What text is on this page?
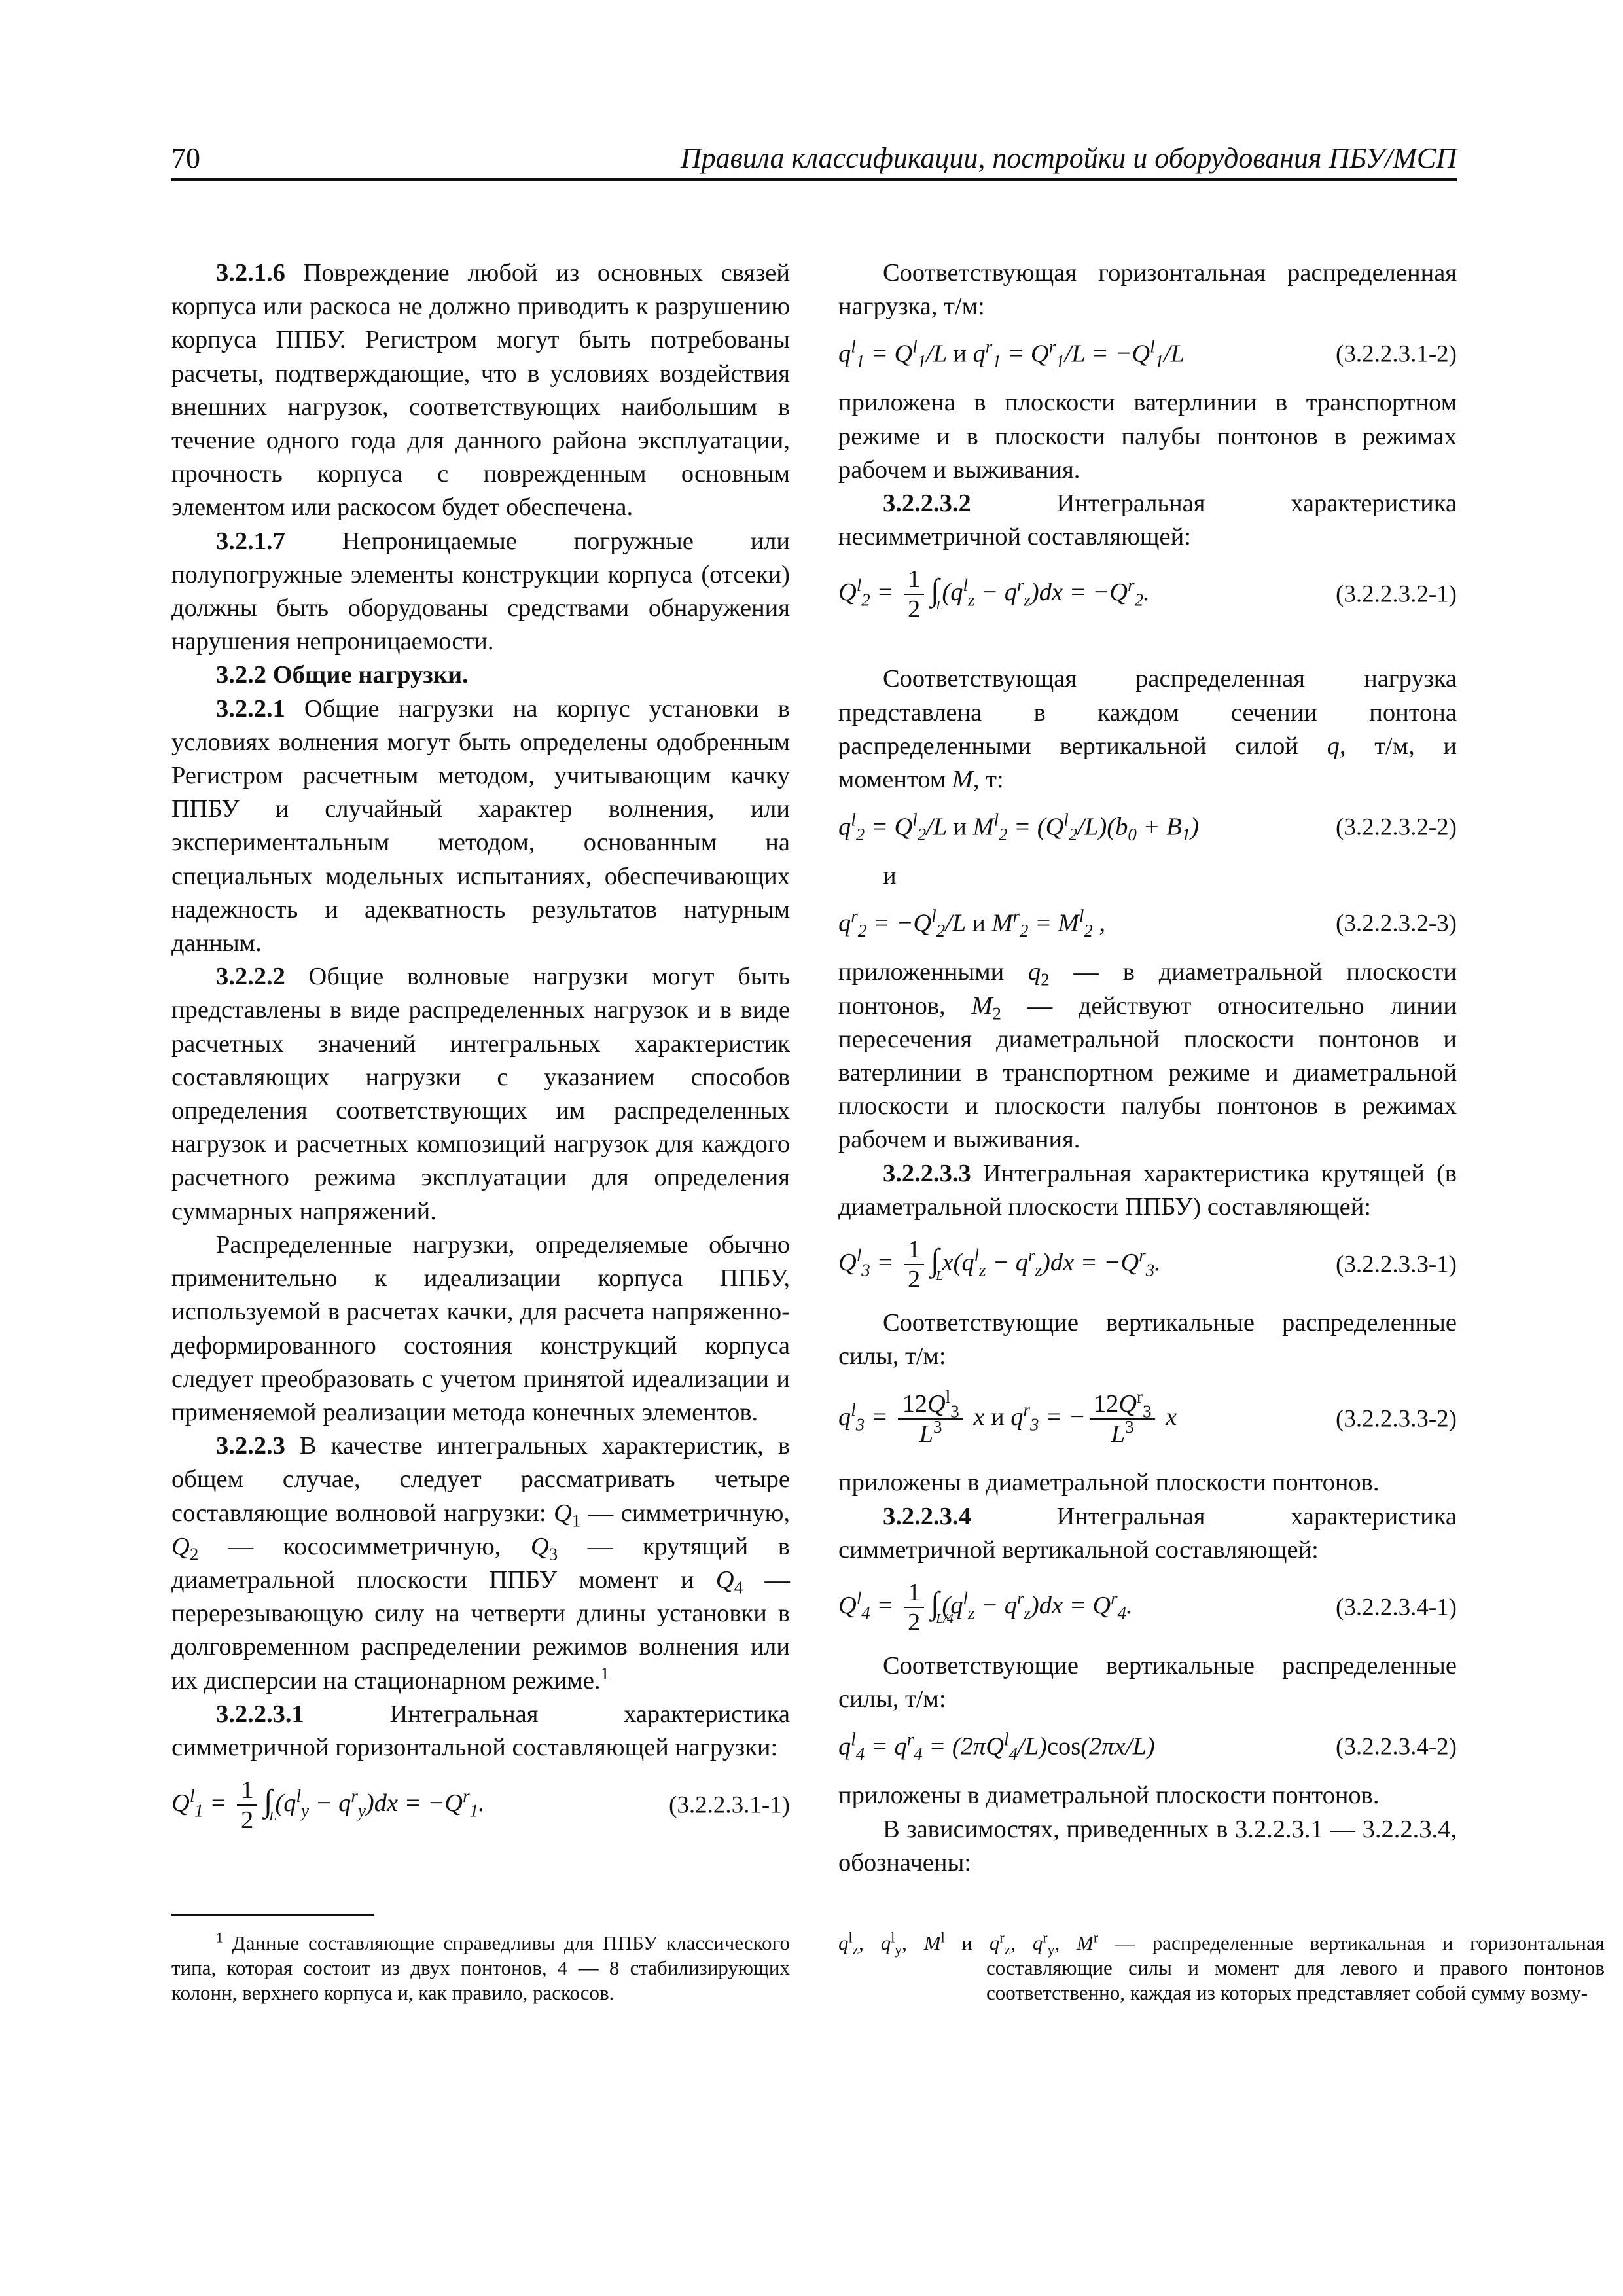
70	Правила классификации, постройки и оборудования ПБУ/МСП

3.2.1.6 Повреждение любой из основных связей корпуса или раскоса не должно приводить к разрушению корпуса ППБУ. Регистром могут быть потребованы расчеты, подтверждающие, что в условиях воздействия внешних нагрузок, соответствующих наибольшим в течение одного года для данного района эксплуатации, прочность корпуса с поврежденным основным элементом или раскосом будет обеспечена.

3.2.1.7 Непроницаемые погружные или полупогружные элементы конструкции корпуса (отсеки) должны быть оборудованы средствами обнаружения нарушения непроницаемости.

3.2.2 Общие нагрузки.

3.2.2.1 Общие нагрузки на корпус установки в условиях волнения могут быть определены одобренным Регистром расчетным методом, учитывающим качку ППБУ и случайный характер волнения, или экспериментальным методом, основанным на специальных модельных испытаниях, обеспечивающих надежность и адекватность результатов натурным данным.

3.2.2.2 Общие волновые нагрузки могут быть представлены в виде распределенных нагрузок и в виде расчетных значений интегральных характеристик составляющих нагрузки с указанием способов определения соответствующих им распределенных нагрузок и расчетных композиций нагрузок для каждого расчетного режима эксплуатации для определения суммарных напряжений.

Распределенные нагрузки, определяемые обычно применительно к идеализации корпуса ППБУ, используемой в расчетах качки, для расчета напряженно-деформированного состояния конструкций корпуса следует преобразовать с учетом принятой идеализации и применяемой реализации метода конечных элементов.

3.2.2.3 В качестве интегральных характеристик, в общем случае, следует рассматривать четыре составляющие волновой нагрузки: $Q_1$ — симметричную, $Q_2$ — кососимметричную, $Q_3$ — крутящий в диаметральной плоскости ППБУ момент и $Q_4$ — перерезывающую силу на четверти длины установки в долговременном распределении режимов волнения или их дисперсии на стационарном режиме.$^1$

3.2.2.3.1 Интегральная характеристика симметричной горизонтальной составляющей нагрузки:

$Q^l_1 = \frac{1}{2}$ ∫
L
$(q^l_y - q^r_y)dx = -Q^r_1$.	(3.2.2.3.1-1)
$^1$ Данные составляющие справедливы для ППБУ классического типа, которая состоит из двух понтонов, 4 — 8 стабилизирующих колонн, верхнего корпуса и, как правило, раскосов.

Соответствующая горизонтальная распределенная нагрузка, т/м:

$q^l_1 = Q^l_1/L$ и $q^r_1 = Q^r_1/L = -Q^l_1/L$	(3.2.2.3.1-2)

приложена в плоскости ватерлинии в транспортном режиме и в плоскости палубы понтонов в режимах рабочем и выживания.

3.2.2.3.2 Интегральная характеристика несимметричной составляющей:

$Q^l_2 = \frac{1}{2}$ ∫
L
$(q^l_z - q^r_z)dx = -Q^r_2$.	(3.2.2.3.2-1)

Соответствующая распределенная нагрузка представлена в каждом сечении понтона распределенными вертикальной силой q, т/м, и моментом M, т:

$q^l_2 = Q^l_2/L$ и $M^l_2 = (Q^l_2/L)(b_0 + B_1)$	(3.2.2.3.2-2)

и

$q^r_2 = -Q^l_2/L$ и $M^r_2 = M^l_2$ ,	(3.2.2.3.2-3)

приложенными $q_2$ — в диаметральной плоскости понтонов, $M_2$ — действуют относительно линии пересечения диаметральной плоскости понтонов и ватерлинии в транспортном режиме и диаметральной плоскости и плоскости палубы понтонов в режимах рабочем и выживания.

3.2.2.3.3 Интегральная характеристика крутящей (в диаметральной плоскости ППБУ) составляющей:

$Q^l_3 = \frac{1}{2}$ ∫
L
$x(q^l_z - q^r_z)dx = -Q^r_3$.	(3.2.2.3.3-1)

Соответствующие вертикальные распределенные силы, т/м:

$q^l_3 = \frac{12Q^l_3}{L^3}$ x и $q^r_3$ = − $\frac{12Q^r_3}{L^3}$ x	(3.2.2.3.3-2)

приложены в диаметральной плоскости понтонов.

3.2.2.3.4 Интегральная характеристика симметричной вертикальной составляющей:

$Q^l_4 = \frac{1}{2}$ ∫
L/4
$(q^l_z - q^r_z)dx = Q^r_4$.	(3.2.2.3.4-1)

Соответствующие вертикальные распределенные силы, т/м:

$q^l_4 = q^r_4 = (2\pi Q^l_4/L)\cos(2\pi x/L)$	(3.2.2.3.4-2)

приложены в диаметральной плоскости понтонов.

В зависимостях, приведенных в 3.2.2.3.1 — 3.2.2.3.4, обозначены:

$q^l_z$, $q^l_y$, $M^l$ и $q^r_z$, $q^r_y$, $M^r$ — распределенные вертикальная и горизонтальная составляющие силы и момент для левого и правого понтонов соответственно, каждая из которых представляет собой сумму возму-
